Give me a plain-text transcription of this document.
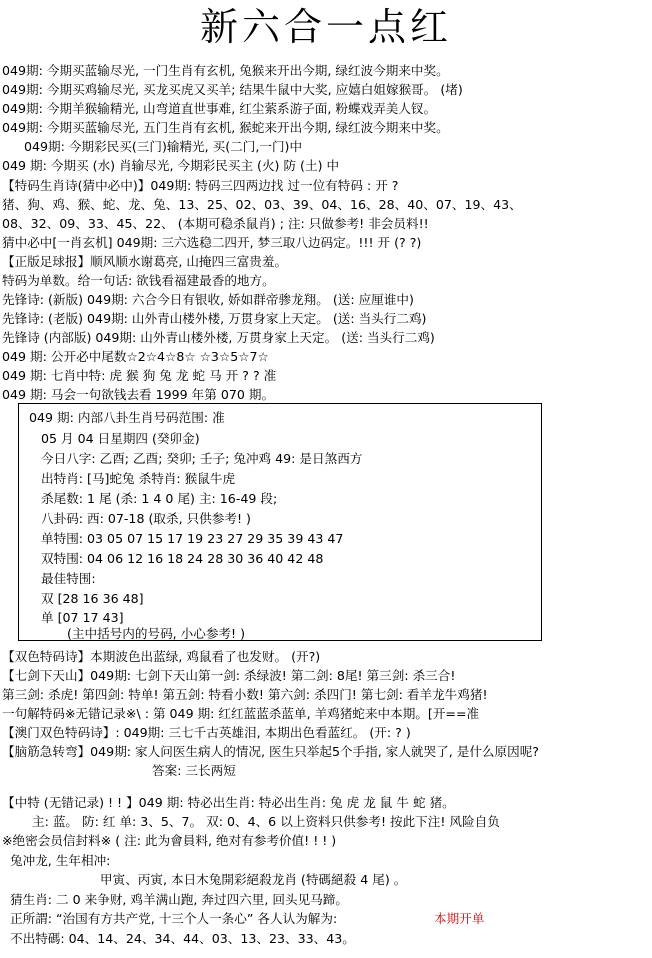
新六合一点红
049期: 今期买蓝输尽光, 一门生肖有玄机, 兔猴来开出今期, 绿红波今期来中奖。
049期: 今期买鸡输尽光, 买龙买虎又买羊; 结果牛鼠中大奖, 应嬉白姐嫁猴哥。 (堵)
049期: 今期羊猴输精光, 山弯道直世事难, 红尘萦系游子面, 粉蝶戏弄美人钗。
049期: 今期买蓝输尽光, 五门生肖有玄机, 猴蛇来开出今期, 绿红波今期来中奖。
049期: 今期彩民买(三门)输精光, 买(二门,一门)中
049 期: 今期买 (水) 肖输尽光, 今期彩民买主 (火) 防 (土) 中
【特码生肖诗(猜中必中)】049期: 特码三四两边找 过一位有特码 : 开 ?
猪、狗、鸡、猴、蛇、龙、兔、13、25、02、03、39、04、16、28、40、07、19、43、
08、32、09、33、45、22、 (本期可稳杀鼠肖) ; 注: 只做参考! 非会员料!!
猜中必中[一肖玄机] 049期: 三六选稳二四开, 梦三取八边码定。!!! 开 (? ?)
【正版足球报】顺风顺水谢葛亮, 山掩四三富贵羞。
特码为单数。给一句话: 欲钱看福建最香的地方。
先锋诗: (新版) 049期: 六合今日有银收, 娇如群帝骖龙翔。 (送: 应厘谁中)
先锋诗: (老版) 049期: 山外青山楼外楼, 万贯身家上天定。 (送: 当头行二鸡)
先锋诗 (内部版) 049期: 山外青山楼外楼, 万贯身家上天定。 (送: 当头行二鸡)
049 期: 公开必中尾数☆2☆4☆8☆ ☆3☆5☆7☆
049 期: 七肖中特: 虎 猴 狗 兔 龙 蛇 马 开 ? ? 准
049 期: 马会一句欲钱去看 1999 年第 070 期。
049 期: 内部八卦生肖号码范围: 准
05 月 04 日星期四 (癸卯金)
今日八字: 乙酉; 乙酉; 癸卯; 壬子; 兔冲鸡 49: 是日煞西方
出特肖: [马]蛇兔 杀特肖: 猴鼠牛虎
杀尾数: 1 尾 (杀: 1 4 0 尾) 主: 16-49 段;
八卦码: 西: 07-18 (取杀, 只供参考! )
单特围: 03 05 07 15 17 19 23 27 29 35 39 43 47
双特围: 04 06 12 16 18 24 28 30 36 40 42 48
最佳特围:
双 [28 16 36 48]
单 [07 17 43]
(主中括号内的号码, 小心参考! )
【双色特码诗】本期波色出蓝绿, 鸡鼠看了也发财。 (开?)
【七剑下天山】049期: 七剑下天山第一剑: 杀绿波! 第二剑: 8尾! 第三剑: 杀三合!
第三剑: 杀虎! 第四剑: 特单! 第五剑: 特看小数! 第六剑: 杀四门! 第七剑: 看羊龙牛鸡猪!
一句解特码※无错记录※\ : 第 049 期: 红红蓝蓝杀蓝单, 羊鸡猪蛇来中本期。[开==准
【澳门双色特码诗】: 049期: 三七千古英雄泪, 本期出色看蓝红。 (开: ? )
【脑筋急转弯】049期: 家人问医生病人的情况, 医生只举起5个手指, 家人就哭了, 是什么原因呢?
答案: 三长两短
【中特 (无错记录) ! ! 】049 期: 特必出生肖: 特必出生肖: 兔 虎 龙 鼠 牛 蛇 猪。
主: 蓝。 防: 红 单: 3、5、7。 双: 0、4、6 以上资料只供参考! 按此下注! 风险自负
※绝密会员信封料※ ( 注: 此为會員料, 绝对有参考价值! ! ! )
兔冲龙, 生年相冲:
甲寅、丙寅, 本日木兔開彩絕殺龙肖 (特碼絕殺 4 尾) 。
猜生肖: 二 0 来争财, 鸡羊满山跑, 奔过四六里, 回头见马蹄。
正所謂: “治国有方共产党, 十三个人一条心” 各人认为解为:	本期开单
不出特碼: 04、14、24、34、44、03、13、23、33、43。
